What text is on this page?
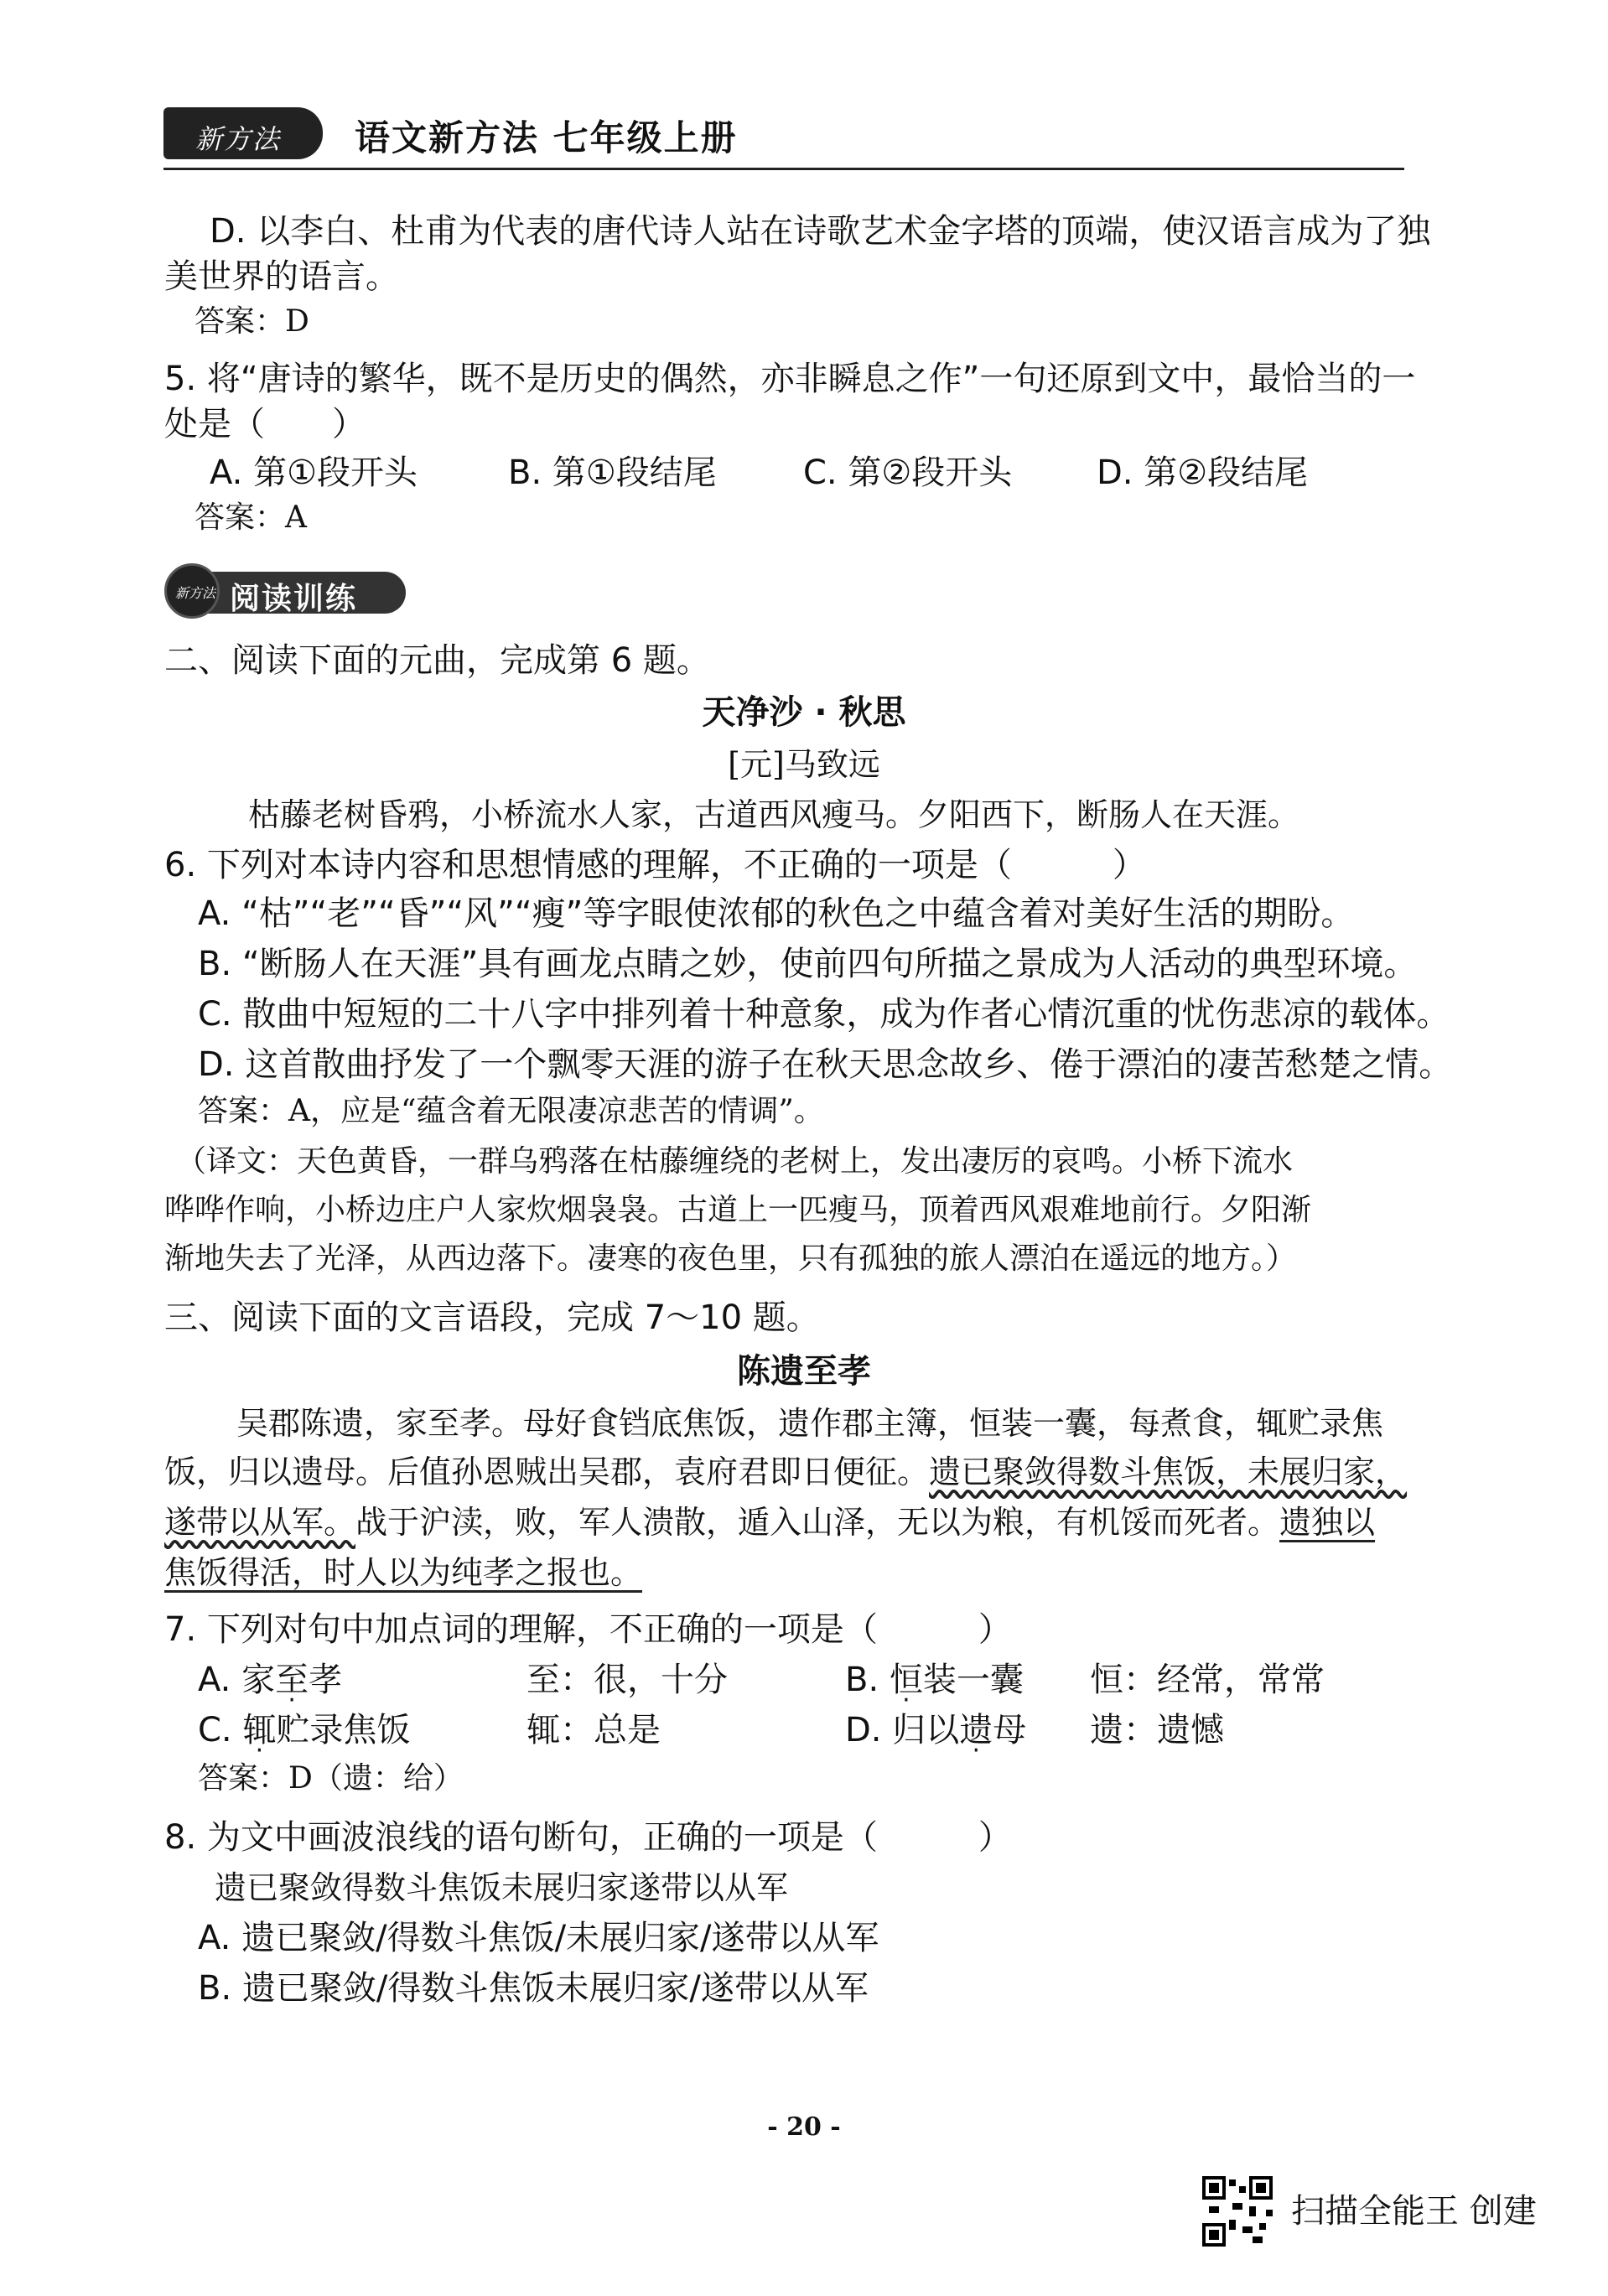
新方法 语文新方法 七年级上册
D. 以李白、杜甫为代表的唐代诗人站在诗歌艺术金字塔的顶端，使汉语言成为了独
美世界的语言。
答案：D
5. 将“唐诗的繁华，既不是历史的偶然，亦非瞬息之作”一句还原到文中，最恰当的一
处是（　　）
A. 第①段开头	B. 第①段结尾	C. 第②段开头	D. 第②段结尾
答案：A
阅读训练
新方法
二、阅读下面的元曲，完成第 6 题。
天净沙 · 秋思
[元]马致远
枯藤老树昏鸦，小桥流水人家，古道西风瘦马。夕阳西下，断肠人在天涯。
6. 下列对本诗内容和思想情感的理解，不正确的一项是（　　　）
A. “枯”“老”“昏”“风”“瘦”等字眼使浓郁的秋色之中蕴含着对美好生活的期盼。
B. “断肠人在天涯”具有画龙点睛之妙，使前四句所描之景成为人活动的典型环境。
C. 散曲中短短的二十八字中排列着十种意象，成为作者心情沉重的忧伤悲凉的载体。
D. 这首散曲抒发了一个飘零天涯的游子在秋天思念故乡、倦于漂泊的凄苦愁楚之情。
答案：A，应是“蕴含着无限凄凉悲苦的情调”。
（译文：天色黄昏，一群乌鸦落在枯藤缠绕的老树上，发出凄厉的哀鸣。小桥下流水
哗哗作响，小桥边庄户人家炊烟袅袅。古道上一匹瘦马，顶着西风艰难地前行。夕阳渐
渐地失去了光泽，从西边落下。凄寒的夜色里，只有孤独的旅人漂泊在遥远的地方。）
三、阅读下面的文言语段，完成 7～10 题。
陈遗至孝
吴郡陈遗，家至孝。母好食铛底焦饭，遗作郡主簿，恒装一囊，每煮食，辄贮录焦
饭，归以遗母。后值孙恩贼出吴郡，袁府君即日便征。遗已聚敛得数斗焦饭，未展归家，
遂带以从军。战于沪渎，败，军人溃散，遁入山泽，无以为粮，有机馁而死者。遗独以
焦饭得活，时人以为纯孝之报也。
7. 下列对句中加点词的理解，不正确的一项是（　　　）
A. 家至孝	至：很，十分	B. 恒装一囊 恒：经常，常常
C. 辄贮录焦饭	辄：总是	D. 归以遗母 遗：遗憾
答案：D（遗：给）
8. 为文中画波浪线的语句断句，正确的一项是（　　　）
遗已聚敛得数斗焦饭未展归家遂带以从军
A. 遗已聚敛/得数斗焦饭/未展归家/遂带以从军
B. 遗已聚敛/得数斗焦饭未展归家/遂带以从军
- 20 -
扫描全能王 创建
